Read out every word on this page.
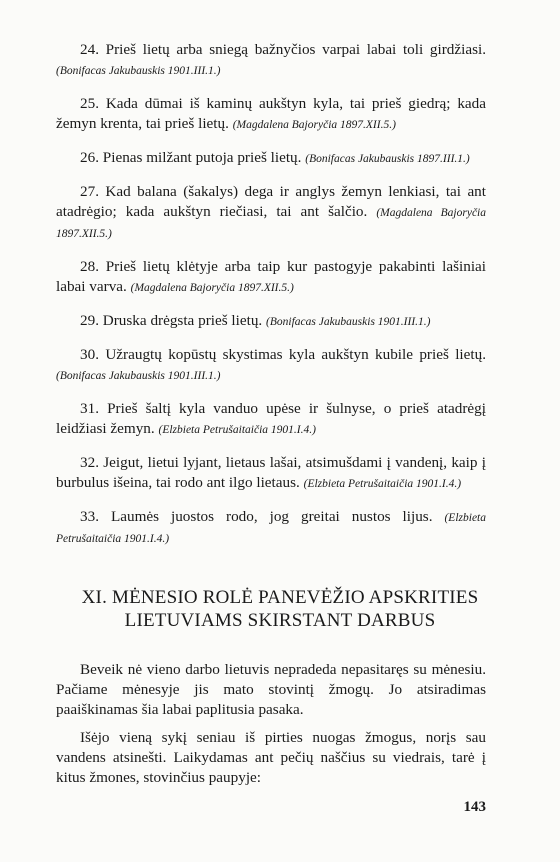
24. Prieš lietų arba sniegą bažnyčios varpai labai toli girdžiasi. (Bonifacas Jakubauskis 1901.III.1.)

25. Kada dūmai iš kaminų aukštyn kyla, tai prieš giedrą; kada žemyn krenta, tai prieš lietų. (Magdalena Bajoryčia 1897.XII.5.)

26. Pienas milžant putoja prieš lietų. (Bonifacas Jakubauskis 1897.III.1.)

27. Kad balana (šakalys) dega ir anglys žemyn lenkiasi, tai ant atadrėgio; kada aukštyn riečiasi, tai ant šalčio. (Magdalena Bajoryčia 1897.XII.5.)

28. Prieš lietų klėtyje arba taip kur pastogyje pakabinti lašiniai labai varva. (Magdalena Bajoryčia 1897.XII.5.)

29. Druska drėgsta prieš lietų. (Bonifacas Jakubauskis 1901.III.1.)

30. Užraugtų kopūstų skystimas kyla aukštyn kubile prieš lietų. (Bonifacas Jakubauskis 1901.III.1.)

31. Prieš šaltį kyla vanduo upėse ir šulnyse, o prieš atadrėgį leidžiasi žemyn. (Elzbieta Petrušaitaičia 1901.I.4.)

32. Jeigut, lietui lyjant, lietaus lašai, atsimušdami į vandenį, kaip į burbulus išeina, tai rodo ant ilgo lietaus. (Elzbieta Petrušaitaičia 1901.I.4.)

33. Laumės juostos rodo, jog greitai nustos lijus. (Elzbieta Petrušaitaičia 1901.I.4.)

XI. MĖNESIO ROLĖ PANEVĖŽIO APSKRITIES
LIETUVIAMS SKIRSTANT DARBUS

Beveik nė vieno darbo lietuvis nepradeda nepasitaręs su mėnesiu. Pačiame mėnesyje jis mato stovintį žmogų. Jo atsiradimas paaiškinamas šia labai paplitusia pasaka.

Išėjo vieną sykį seniau iš pirties nuogas žmogus, norįs sau vandens atsinešti. Laikydamas ant pečių naščius su viedrais, tarė į kitus žmones, stovinčius paupyje:

143
